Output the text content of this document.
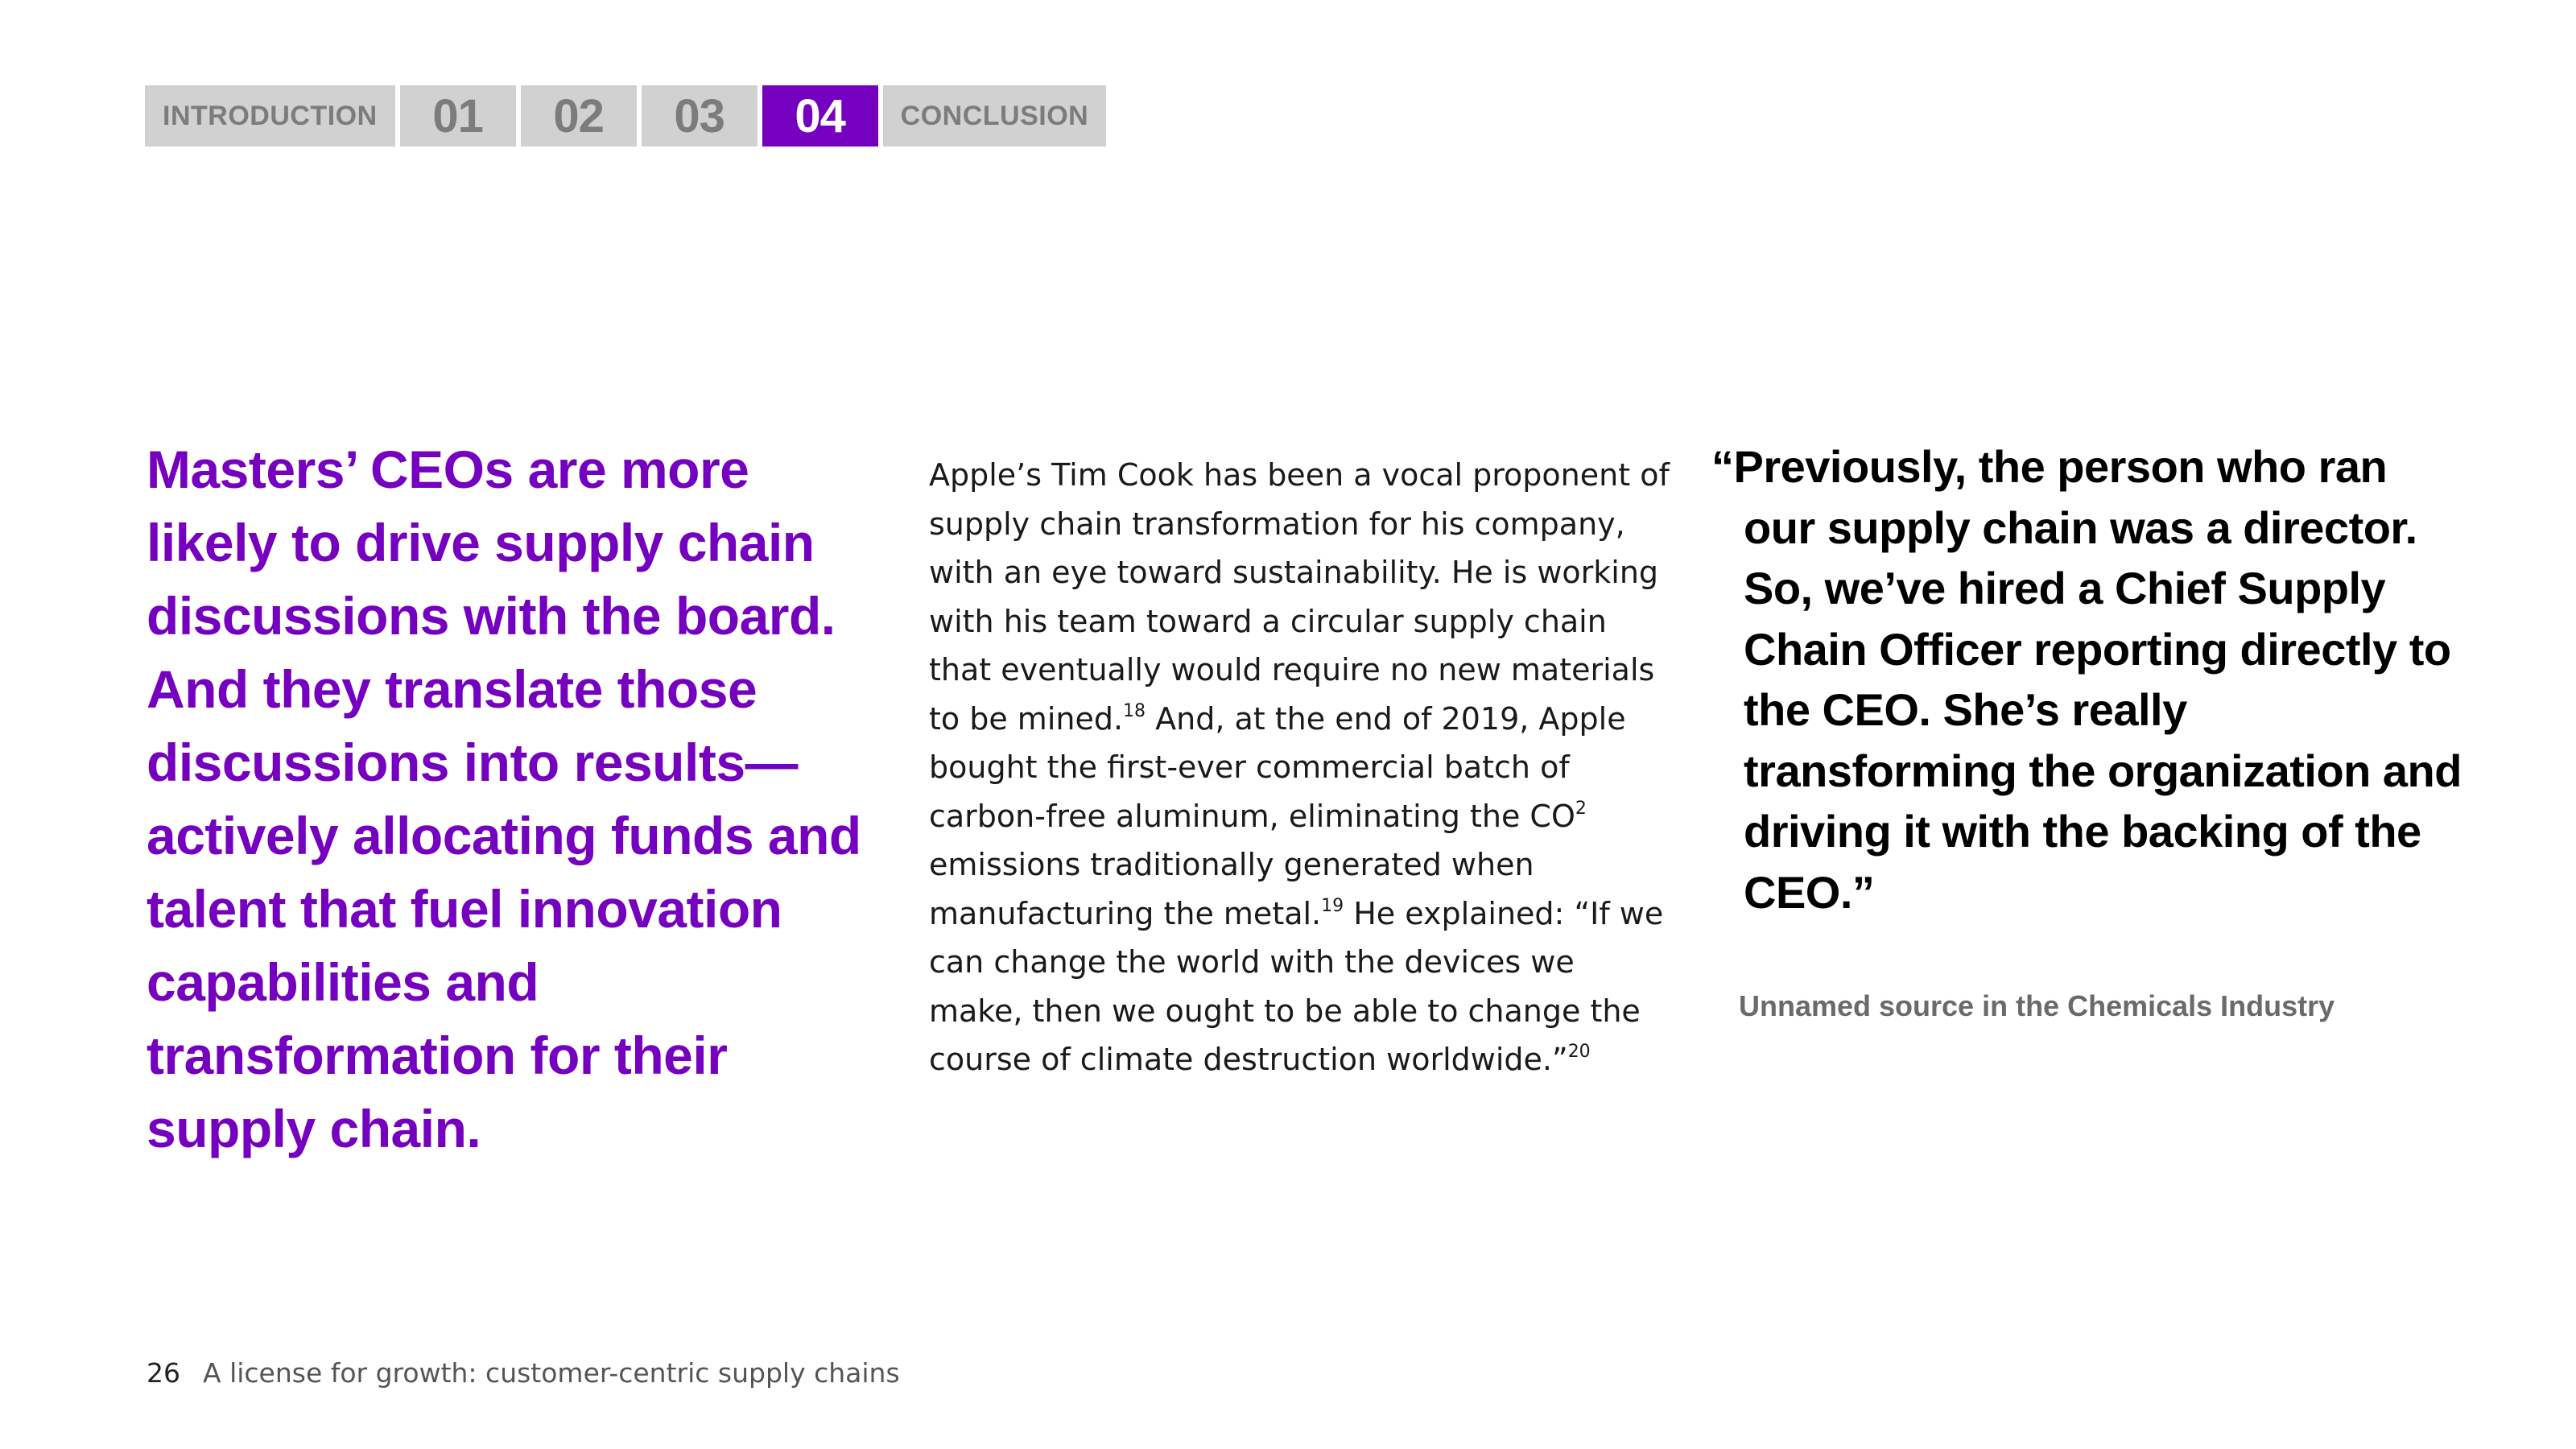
INTRODUCTION	01	02	03	04	CONCLUSION

Masters’ CEOs are more likely to drive supply chain discussions with the board. And they translate those discussions into results—actively allocating funds and talent that fuel innovation capabilities and transformation for their supply chain.

Apple’s Tim Cook has been a vocal proponent of supply chain transformation for his company, with an eye toward sustainability. He is working with his team toward a circular supply chain that eventually would require no new materials to be mined.$^{18}$ And, at the end of 2019, Apple bought the first-ever commercial batch of carbon-free aluminum, eliminating the $CO^2$ emissions traditionally generated when manufacturing the metal.$^{19}$ He explained: “If we can change the world with the devices we make, then we ought to be able to change the course of climate destruction worldwide.”$^{20}$

“Previously, the person who ran our supply chain was a director. So, we’ve hired a Chief Supply Chain Officer reporting directly to the CEO. She’s really transforming the organization and driving it with the backing of the CEO.”

Unnamed source in the Chemicals Industry

26 A license for growth: customer-centric supply chains
